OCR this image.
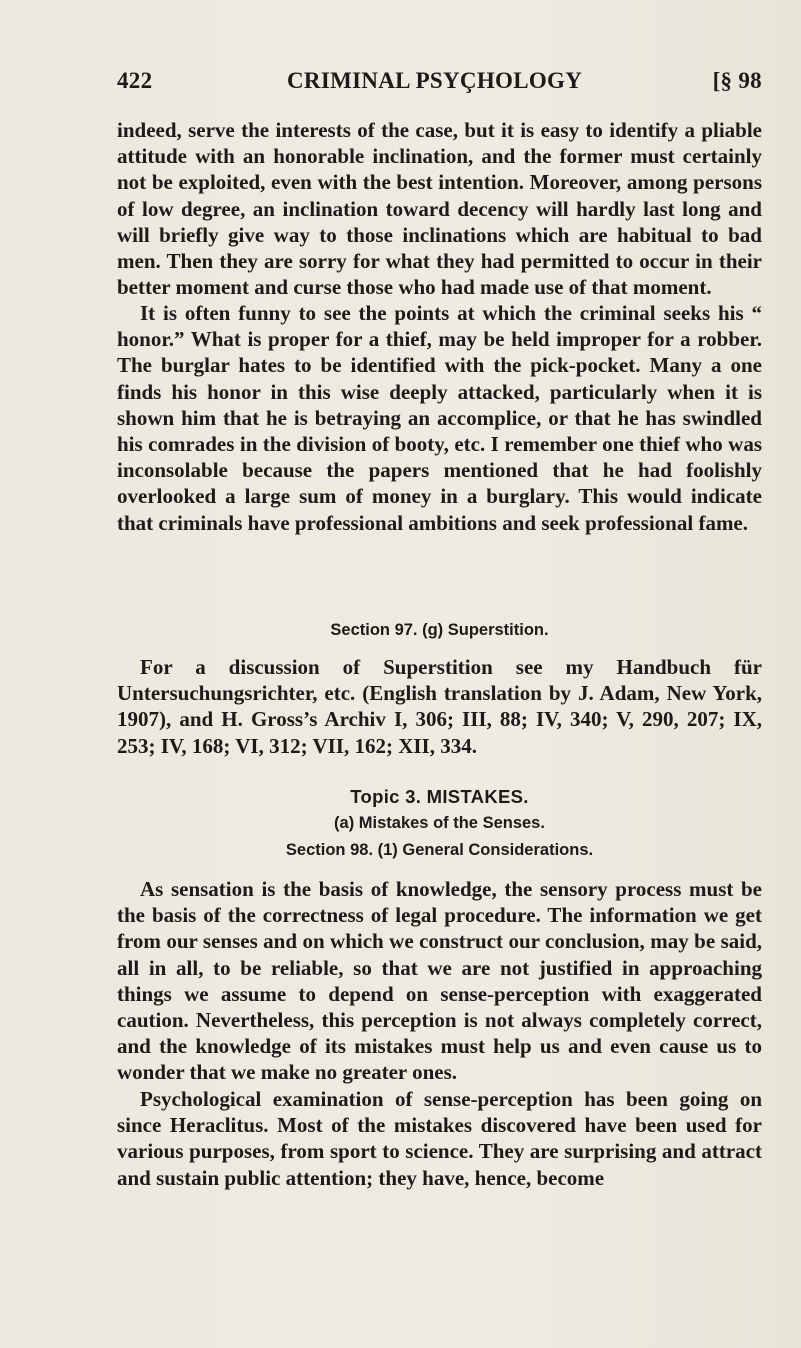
422	CRIMINAL PSYÇHOLOGY	[§ 98

indeed, serve the interests of the case, but it is easy to identify a pliable attitude with an honorable inclination, and the former must certainly not be exploited, even with the best intention. Moreover, among persons of low degree, an inclination toward decency will hardly last long and will briefly give way to those inclinations which are habitual to bad men. Then they are sorry for what they had permitted to occur in their better moment and curse those who had made use of that moment.

It is often funny to see the points at which the criminal seeks his “ honor.” What is proper for a thief, may be held improper for a robber. The burglar hates to be identified with the pick-pocket. Many a one finds his honor in this wise deeply attacked, particularly when it is shown him that he is betraying an accomplice, or that he has swindled his comrades in the division of booty, etc. I remember one thief who was inconsolable because the papers mentioned that he had foolishly overlooked a large sum of money in a burglary. This would indicate that criminals have professional ambitions and seek professional fame.

Section 97. (g) Superstition.

For a discussion of Superstition see my Handbuch für Untersuchungsrichter, etc. (English translation by J. Adam, New York, 1907), and H. Gross’s Archiv I, 306; III, 88; IV, 340; V, 290, 207; IX, 253; IV, 168; VI, 312; VII, 162; XII, 334.

Topic 3. MISTAKES.
(a) Mistakes of the Senses.
Section 98. (1) General Considerations.

As sensation is the basis of knowledge, the sensory process must be the basis of the correctness of legal procedure. The information we get from our senses and on which we construct our conclusion, may be said, all in all, to be reliable, so that we are not justified in approaching things we assume to depend on sense-perception with exaggerated caution. Nevertheless, this perception is not always completely correct, and the knowledge of its mistakes must help us and even cause us to wonder that we make no greater ones.

Psychological examination of sense-perception has been going on since Heraclitus. Most of the mistakes discovered have been used for various purposes, from sport to science. They are surprising and attract and sustain public attention; they have, hence, become
